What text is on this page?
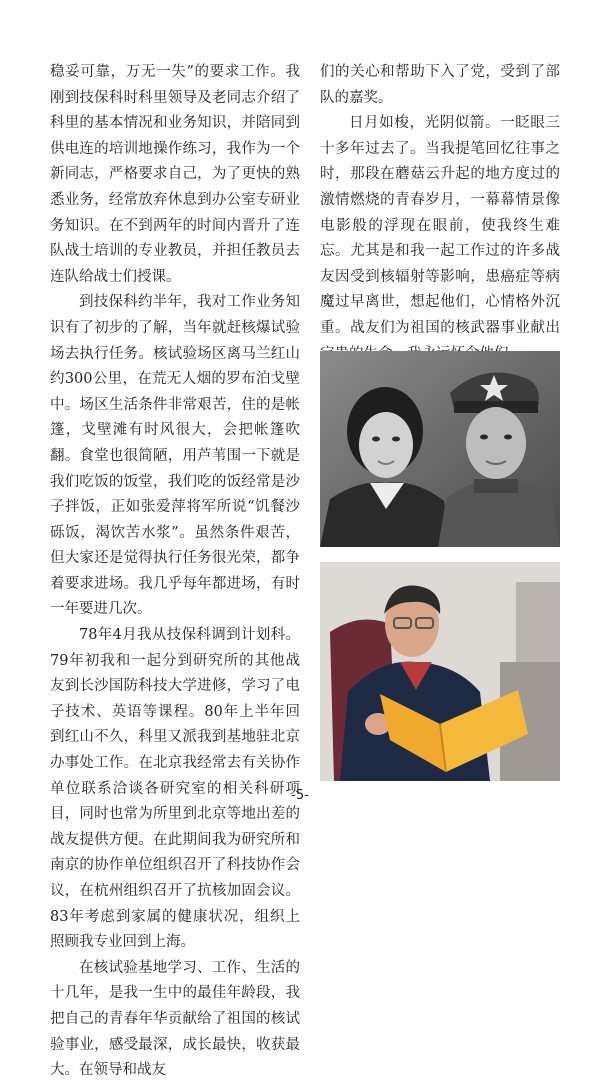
稳妥可靠，万无一失”的要求工作。我刚到技保科时科里领导及老同志介绍了科里的基本情况和业务知识，并陪同到供电连的培训地操作练习，我作为一个新同志，严格要求自己，为了更快的熟悉业务，经常放弃休息到办公室专研业务知识。在不到两年的时间内晋升了连队战士培训的专业教员，并担任教员去连队给战士们授课。

到技保科约半年，我对工作业务知识有了初步的了解，当年就赶核爆试验场去执行任务。核试验场区离马兰红山约300公里，在荒无人烟的罗布泊戈壁中。场区生活条件非常艰苦，住的是帐篷，戈壁滩有时风很大，会把帐篷吹翻。食堂也很简陋，用芦苇围一下就是我们吃饭的饭堂，我们吃的饭经常是沙子拌饭，正如张爱萍将军所说“饥餐沙砾饭，渴饮苦水浆”。虽然条件艰苦，但大家还是觉得执行任务很光荣，都争着要求进场。我几乎每年都进场，有时一年要进几次。

78年4月我从技保科调到计划科。79年初我和一起分到研究所的其他战友到长沙国防科技大学进修，学习了电子技术、英语等课程。80年上半年回到红山不久，科里又派我到基地驻北京办事处工作。在北京我经常去有关协作单位联系洽谈各研究室的相关科研项目，同时也常为所里到北京等地出差的战友提供方便。在此期间我为研究所和南京的协作单位组织召开了科技协作会议，在杭州组织召开了抗核加固会议。83年考虑到家属的健康状况，组织上照顾我专业回到上海。

在核试验基地学习、工作、生活的十几年，是我一生中的最佳年龄段，我把自己的青春年华贡献给了祖国的核试验事业，感受最深，成长最快，收获最大。在领导和战友

们的关心和帮助下入了党，受到了部队的嘉奖。

日月如梭，光阴似箭。一眨眼三十多年过去了。当我提笔回忆往事之时，那段在蘑菇云升起的地方度过的激情燃烧的青春岁月，一幕幕情景像电影般的浮现在眼前，使我终生难忘。尤其是和我一起工作过的许多战友因受到核辐射等影响，患癌症等病魔过早离世，想起他们，心情格外沉重。战友们为祖国的核武器事业献出

-5-
